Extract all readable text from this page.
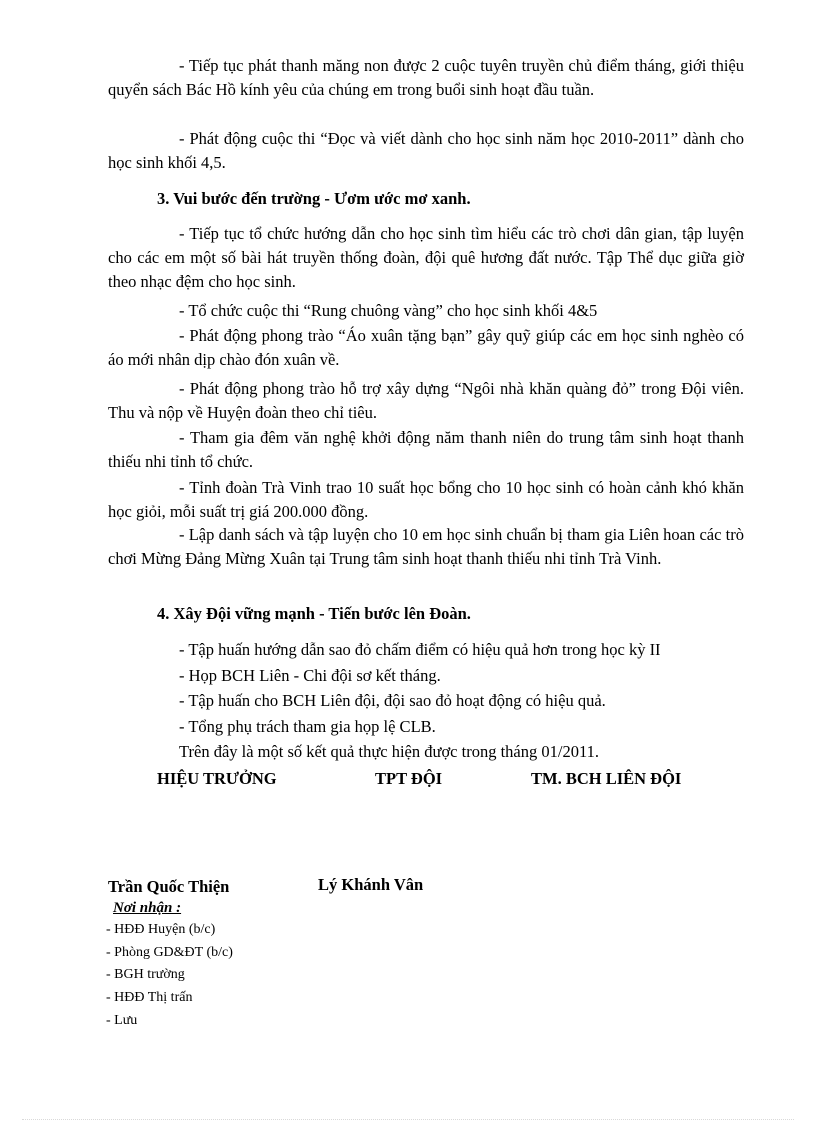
- Tiếp tục phát thanh măng non được 2 cuộc tuyên truyền chủ điểm tháng, giới thiệu quyển sách Bác Hồ kính yêu của chúng em trong buổi sinh hoạt đầu tuần.

- Phát động cuộc thi “Đọc và viết dành cho học sinh năm học 2010-2011” dành cho học sinh khối 4,5.

3. Vui bước đến trường - Ươm ước mơ xanh.

- Tiếp tục tổ chức hướng dẫn cho học sinh tìm hiểu các trò chơi dân gian, tập luyện cho các em một số bài hát truyền thống đoàn, đội quê hương đất nước. Tập Thể dục giữa giờ theo nhạc đệm cho học sinh.

- Tổ chức cuộc thi “Rung chuông vàng” cho học sinh khối 4&5

- Phát động phong trào “Áo xuân tặng bạn” gây quỹ giúp các em học sinh nghèo có áo mới nhân dịp chào đón xuân về.

- Phát động phong trào hỗ trợ xây dựng “Ngôi nhà khăn quàng đỏ” trong Đội viên. Thu và nộp về Huyện đoàn theo chỉ tiêu.

- Tham gia đêm văn nghệ khởi động năm thanh niên do trung tâm sinh hoạt thanh thiếu nhi tỉnh tổ chức.

- Tỉnh đoàn Trà Vinh trao 10 suất học bổng cho 10 học sinh có hoàn cảnh khó khăn học giỏi, mỗi suất trị giá 200.000 đồng.

- Lập danh sách và tập luyện cho 10 em học sinh chuẩn bị tham gia Liên hoan các trò chơi Mừng Đảng Mừng Xuân tại Trung tâm sinh hoạt thanh thiếu nhi tỉnh Trà Vinh.

4. Xây Đội vững mạnh - Tiến bước lên Đoàn.

- Tập huấn hướng dẫn sao đỏ chấm điểm có hiệu quả hơn trong học kỳ II

- Họp BCH Liên - Chi đội sơ kết tháng.

- Tập huấn cho BCH Liên đội, đội sao đỏ hoạt động có hiệu quả.

- Tổng phụ trách tham gia họp lệ CLB.

Trên đây là một số kết quả thực hiện được trong tháng 01/2011.

HIỆU TRƯỞNG	TPT ĐỘI	TM. BCH LIÊN ĐỘI

Trần Quốc Thiện	Lý Khánh Vân

Nơi nhận :

- HĐĐ Huyện (b/c)

- Phòng GD&ĐT (b/c)

- BGH trường

- HĐĐ Thị trấn

- Lưu
